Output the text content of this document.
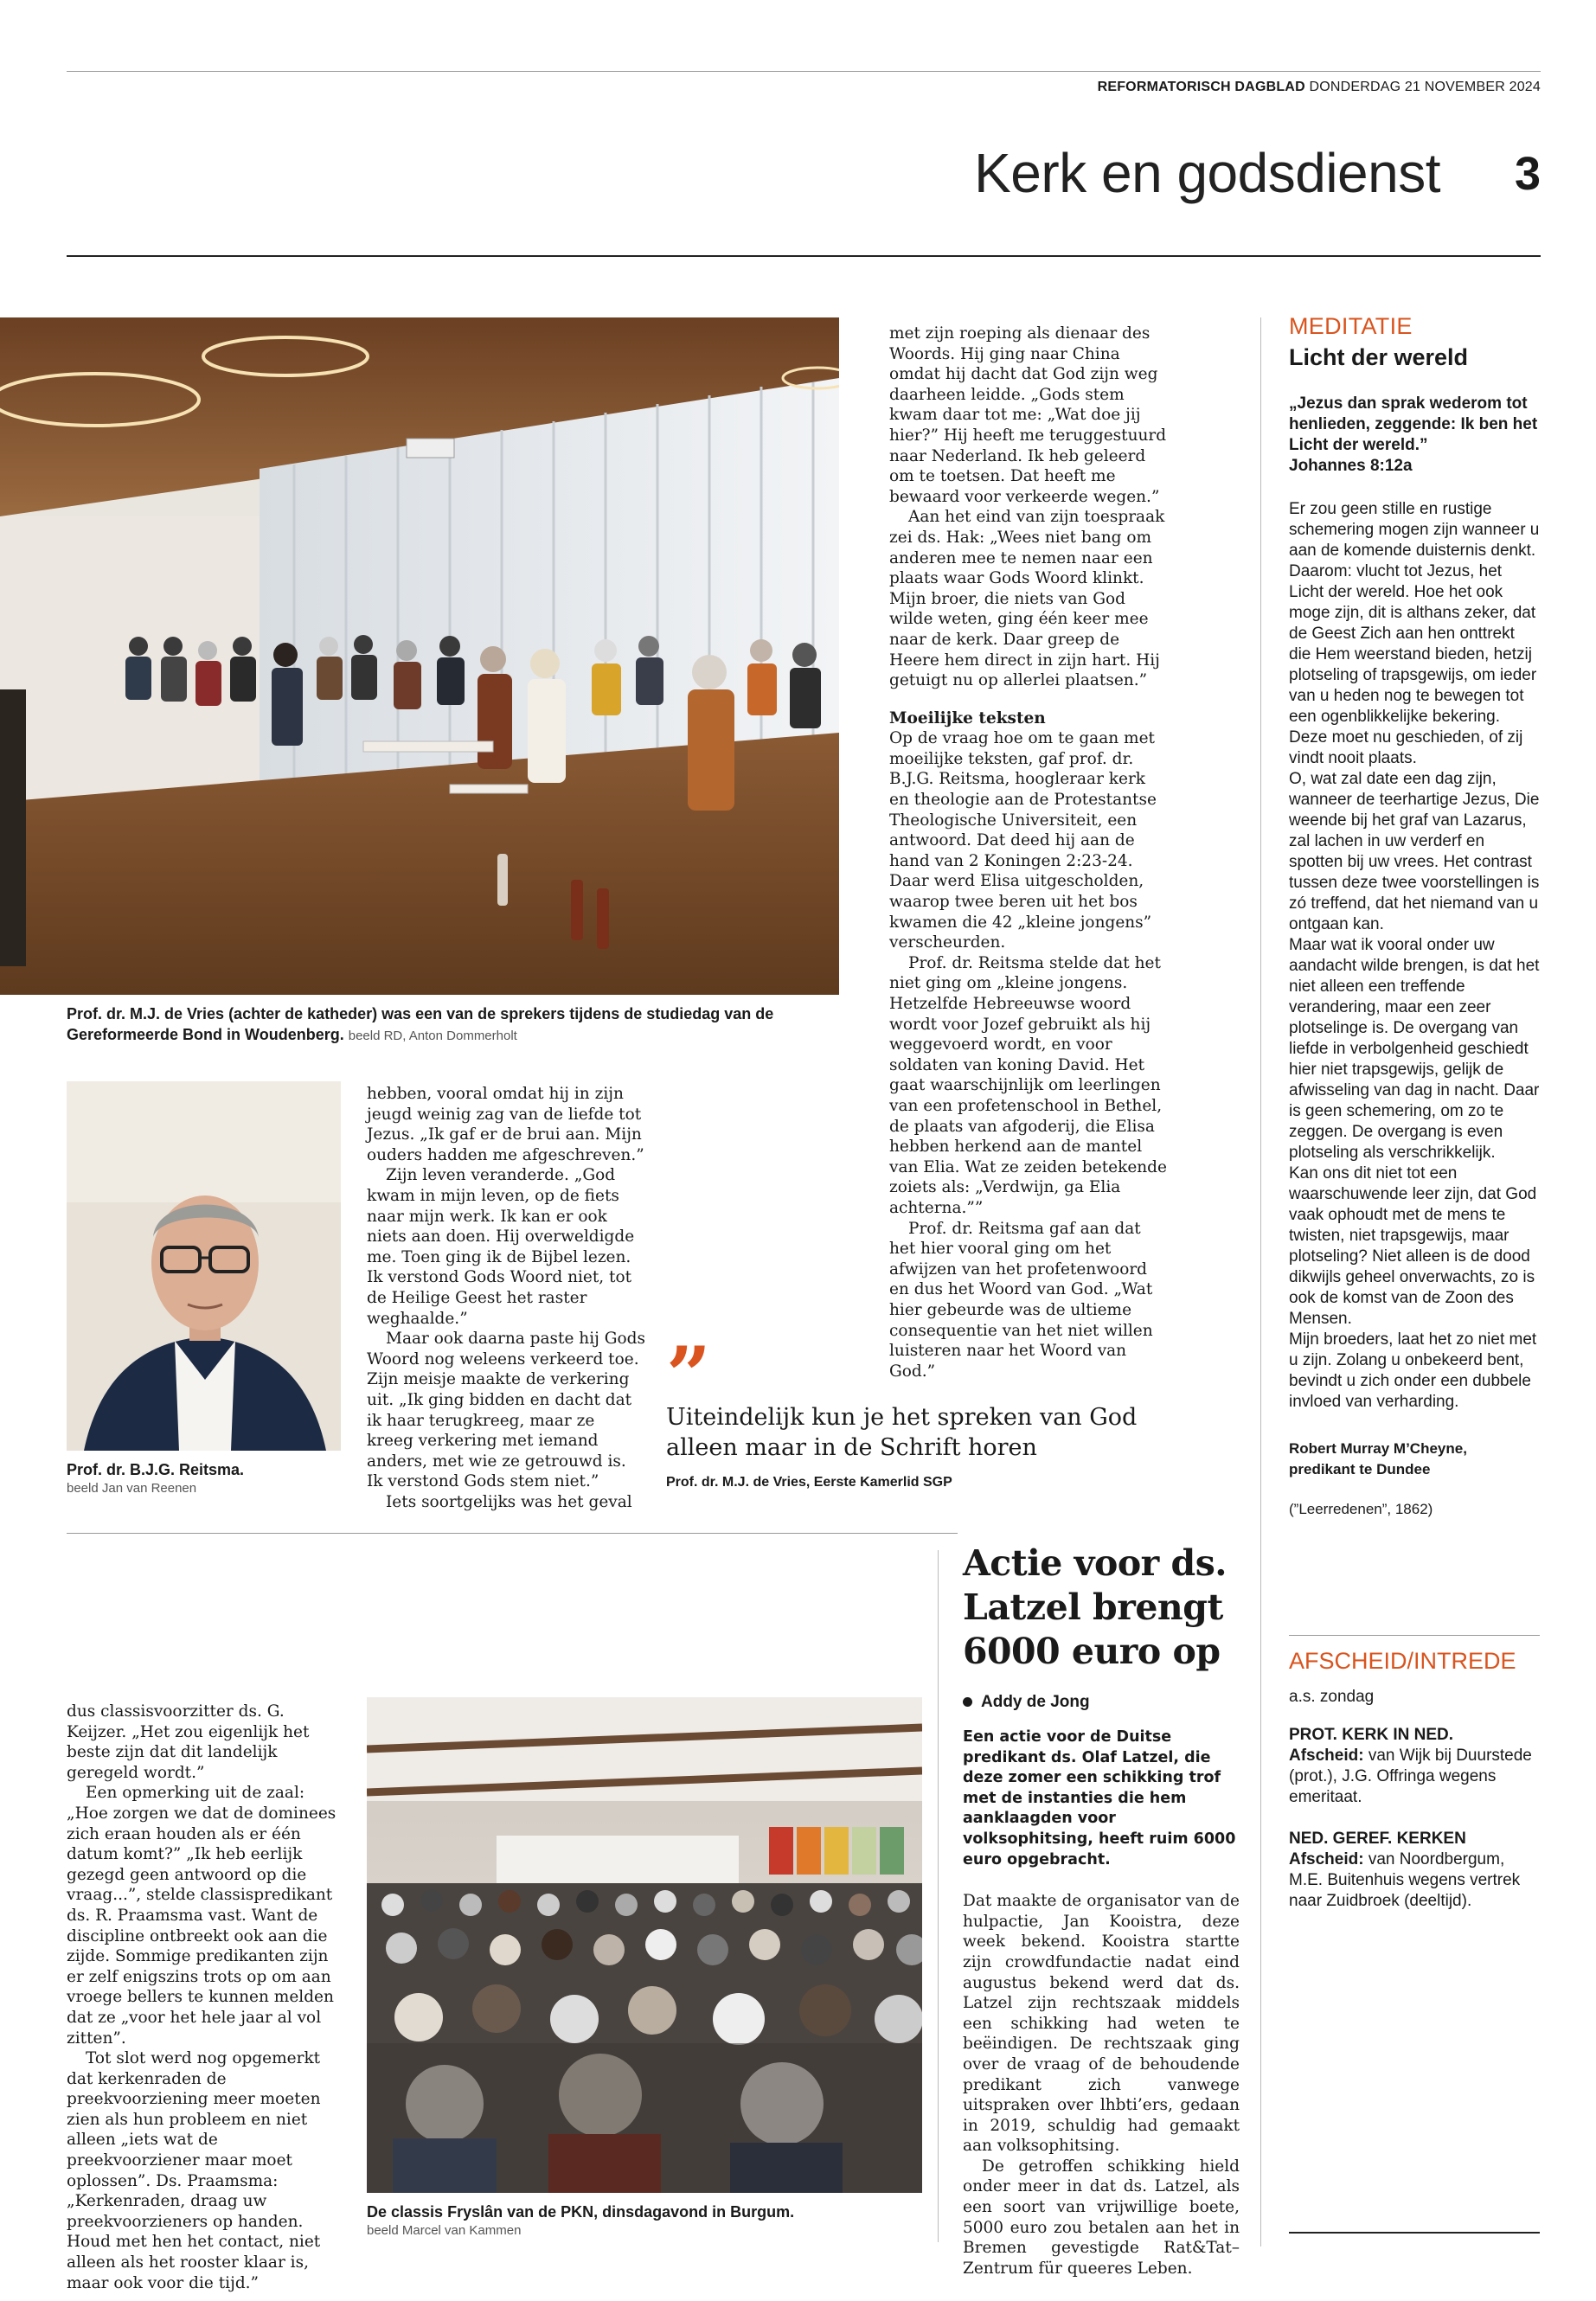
REFORMATORISCH DAGBLAD DONDERDAG 21 NOVEMBER 2024
Kerk en godsdienst 3
Prof. dr. M.J. de Vries (achter de katheder) was een van de sprekers tijdens de studiedag van de Gereformeerde Bond in Woudenberg. beeld RD, Anton Dommerholt
Prof. dr. B.J.G. Reitsma.
beeld Jan van Reenen

hebben, vooral omdat hij in zijn jeugd weinig zag van de liefde tot Jezus. „Ik gaf er de brui aan. Mijn ouders hadden me afgeschreven.”

Zijn leven veranderde. „God kwam in mijn leven, op de fiets naar mijn werk. Ik kan er ook niets aan doen. Hij overweldigde me. Toen ging ik de Bijbel lezen. Ik verstond Gods Woord niet, tot de Heilige Geest het raster weghaalde.”

Maar ook daarna paste hij Gods Woord nog weleens verkeerd toe. Zijn meisje maakte de verkering uit. „Ik ging bidden en dacht dat ik haar terugkreeg, maar ze kreeg verkering met iemand anders, met wie ze getrouwd is. Ik verstond Gods stem niet.”

Iets soortgelijks was het geval

met zijn roeping als dienaar des Woords. Hij ging naar China omdat hij dacht dat God zijn weg daarheen leidde. „Gods stem kwam daar tot me: „Wat doe jij hier?” Hij heeft me teruggestuurd naar Nederland. Ik heb geleerd om te toetsen. Dat heeft me bewaard voor verkeerde wegen.”

Aan het eind van zijn toespraak zei ds. Hak: „Wees niet bang om anderen mee te nemen naar een plaats waar Gods Woord klinkt. Mijn broer, die niets van God wilde weten, ging één keer mee naar de kerk. Daar greep de Heere hem direct in zijn hart. Hij getuigt nu op allerlei plaatsen.”

Moeilijke teksten

Op de vraag hoe om te gaan met moeilijke teksten, gaf prof. dr. B.J.G. Reitsma, hoogleraar kerk en theologie aan de Protestantse Theologische Universiteit, een antwoord. Dat deed hij aan de hand van 2 Koningen 2:23-24. Daar werd Elisa uitgescholden, waarop twee beren uit het bos kwamen die 42 „kleine jongens” verscheurden.

Prof. dr. Reitsma stelde dat het niet ging om „kleine jongens. Hetzelfde Hebreeuwse woord wordt voor Jozef gebruikt als hij weggevoerd wordt, en voor soldaten van koning David. Het gaat waarschijnlijk om leerlingen van een profetenschool in Bethel, de plaats van afgoderij, die Elisa hebben herkend aan de mantel van Elia. Wat ze zeiden betekende zoiets als: „Verdwijn, ga Elia achterna.””

Prof. dr. Reitsma gaf aan dat het hier vooral ging om het afwijzen van het profetenwoord en dus het Woord van God. „Wat hier gebeurde was de ultieme consequentie van het niet willen luisteren naar het Woord van God.”

”
Uiteindelijk kun je het spreken van God alleen maar in de Schrift horen
Prof. dr. M.J. de Vries, Eerste Kamerlid SGP
MEDITATIE
Licht der wereld
„Jezus dan sprak wederom tot henlieden, zeggende: Ik ben het Licht der wereld.”
Johannes 8:12a

Er zou geen stille en rustige schemering mogen zijn wanneer u aan de komende duisternis denkt. Daarom: vlucht tot Jezus, het Licht der wereld. Hoe het ook moge zijn, dit is althans zeker, dat de Geest Zich aan hen onttrekt die Hem weerstand bieden, hetzij plotseling of trapsgewijs, om ieder van u heden nog te bewegen tot een ogenblikkelijke bekering. Deze moet nu geschieden, of zij vindt nooit plaats.

O, wat zal date een dag zijn, wanneer de teerhartige Jezus, Die weende bij het graf van Lazarus, zal lachen in uw verderf en spotten bij uw vrees. Het contrast tussen deze twee voorstellingen is zó treffend, dat het niemand van u ontgaan kan.

Maar wat ik vooral onder uw aandacht wilde brengen, is dat het niet alleen een treffende verandering, maar een zeer plotselinge is. De overgang van liefde in verbolgenheid geschiedt hier niet trapsgewijs, gelijk de afwisseling van dag in nacht. Daar is geen schemering, om zo te zeggen. De overgang is even plotseling als verschrikkelijk.

Kan ons dit niet tot een waarschuwende leer zijn, dat God vaak ophoudt met de mens te twisten, niet trapsgewijs, maar plotseling? Niet alleen is de dood dikwijls geheel onverwachts, zo is ook de komst van de Zoon des Mensen.

Mijn broeders, laat het zo niet met u zijn. Zolang u onbekeerd bent, bevindt u zich onder een dubbele invloed van verharding.

Robert Murray M’Cheyne,
predikant te Dundee
(”Leerredenen”, 1862)
AFSCHEID/INTREDE
a.s. zondag
PROT. KERK IN NED.
Afscheid: van Wijk bij Duurstede (prot.), J.G. Offringa wegens emeritaat.
NED. GEREF. KERKEN
Afscheid: van Noordbergum, M.E. Buitenhuis wegens vertrek naar Zuidbroek (deeltijd).

dus classisvoorzitter ds. G. Keijzer. „Het zou eigenlijk het beste zijn dat dit landelijk geregeld wordt.”

Een opmerking uit de zaal: „Hoe zorgen we dat de dominees zich eraan houden als er één datum komt?” „Ik heb eerlijk gezegd geen antwoord op die vraag...”, stelde classispredikant ds. R. Praamsma vast. Want de discipline ontbreekt ook aan die zijde. Sommige predikanten zijn er zelf enigszins trots op om aan vroege bellers te kunnen melden dat ze „voor het hele jaar al vol zitten”.

Tot slot werd nog opgemerkt dat kerkenraden de preekvoorziening meer moeten zien als hun probleem en niet alleen „iets wat de preekvoorziener maar moet oplossen”. Ds. Praamsma: „Kerkenraden, draag uw preekvoorzieners op handen. Houd met hen het contact, niet alleen als het rooster klaar is, maar ook voor die tijd.”

De classis Fryslân van de PKN, dinsdagavond in Burgum.
beeld Marcel van Kammen
Actie voor ds. Latzel brengt 6000 euro op
Addy de Jong
Een actie voor de Duitse predikant ds. Olaf Latzel, die deze zomer een schikking trof met de instanties die hem aanklaagden voor volksophitsing, heeft ruim 6000 euro opgebracht.

Dat maakte de organisator van de hulpactie, Jan Kooistra, deze week bekend. Kooistra startte zijn crowdfundactie nadat eind augustus bekend werd dat ds. Latzel zijn rechtszaak middels een schikking had weten te beëindigen. De rechtszaak ging over de vraag of de behoudende predikant zich vanwege uitspraken over lhbti’ers, gedaan in 2019, schuldig had gemaakt aan volksophitsing.

De getroffen schikking hield onder meer in dat ds. Latzel, als een soort van vrijwillige boete, 5000 euro zou betalen aan het in Bremen gevestigde Rat&Tat–Zentrum für queeres Leben.
